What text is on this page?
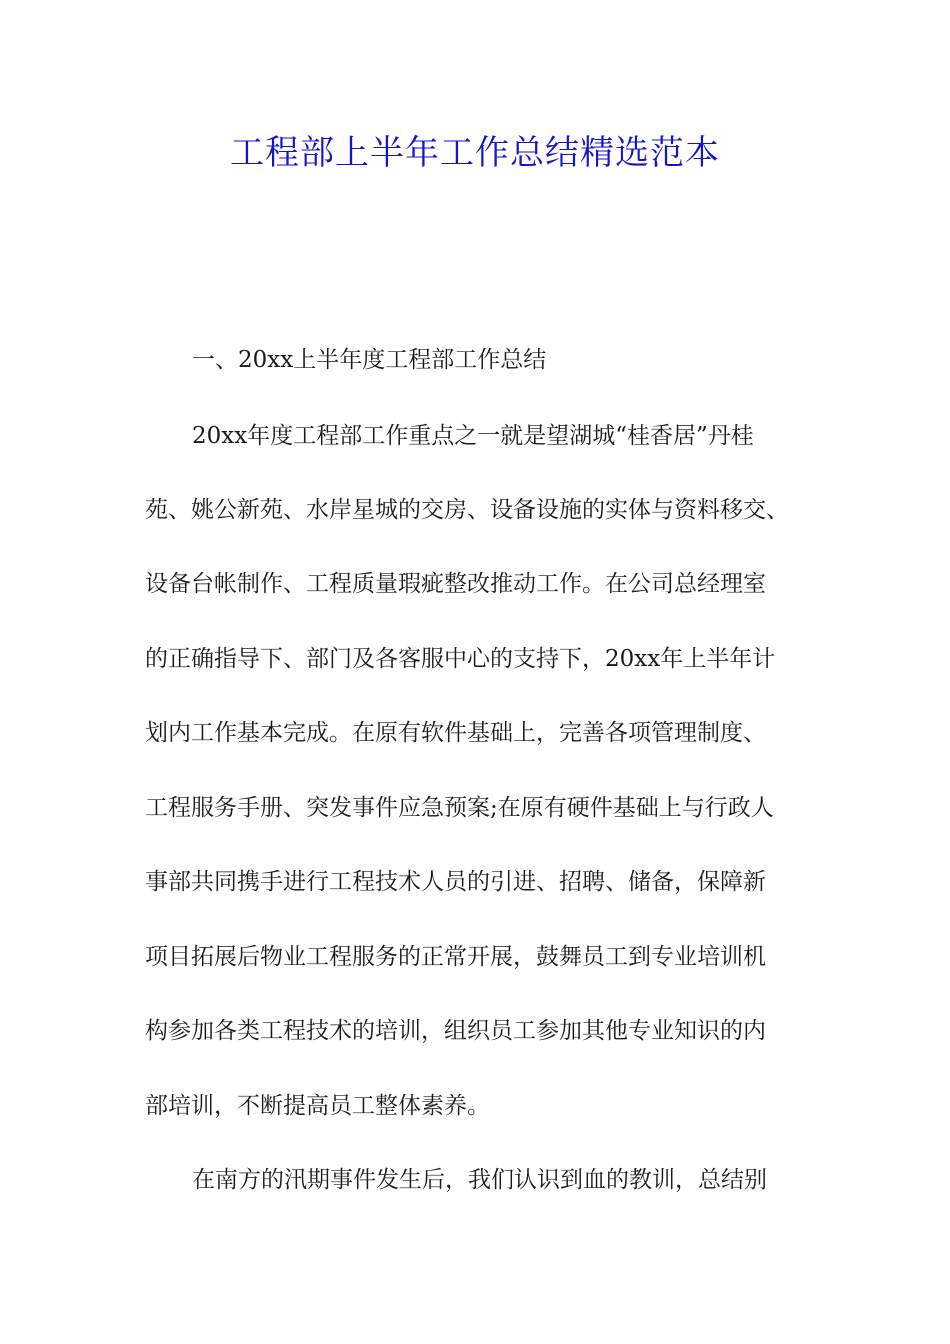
工程部上半年工作总结精选范本
一、20xx上半年度工程部工作总结
20xx年度工程部工作重点之一就是望湖城“桂香居”丹桂
苑、姚公新苑、水岸星城的交房、设备设施的实体与资料移交、
设备台帐制作、工程质量瑕疵整改推动工作。在公司总经理室
的正确指导下、部门及各客服中心的支持下，20xx年上半年计
划内工作基本完成。在原有软件基础上，完善各项管理制度、
工程服务手册、突发事件应急预案;在原有硬件基础上与行政人
事部共同携手进行工程技术人员的引进、招聘、储备，保障新
项目拓展后物业工程服务的正常开展，鼓舞员工到专业培训机
构参加各类工程技术的培训，组织员工参加其他专业知识的内
部培训，不断提高员工整体素养。
在南方的汛期事件发生后，我们认识到血的教训，总结别
